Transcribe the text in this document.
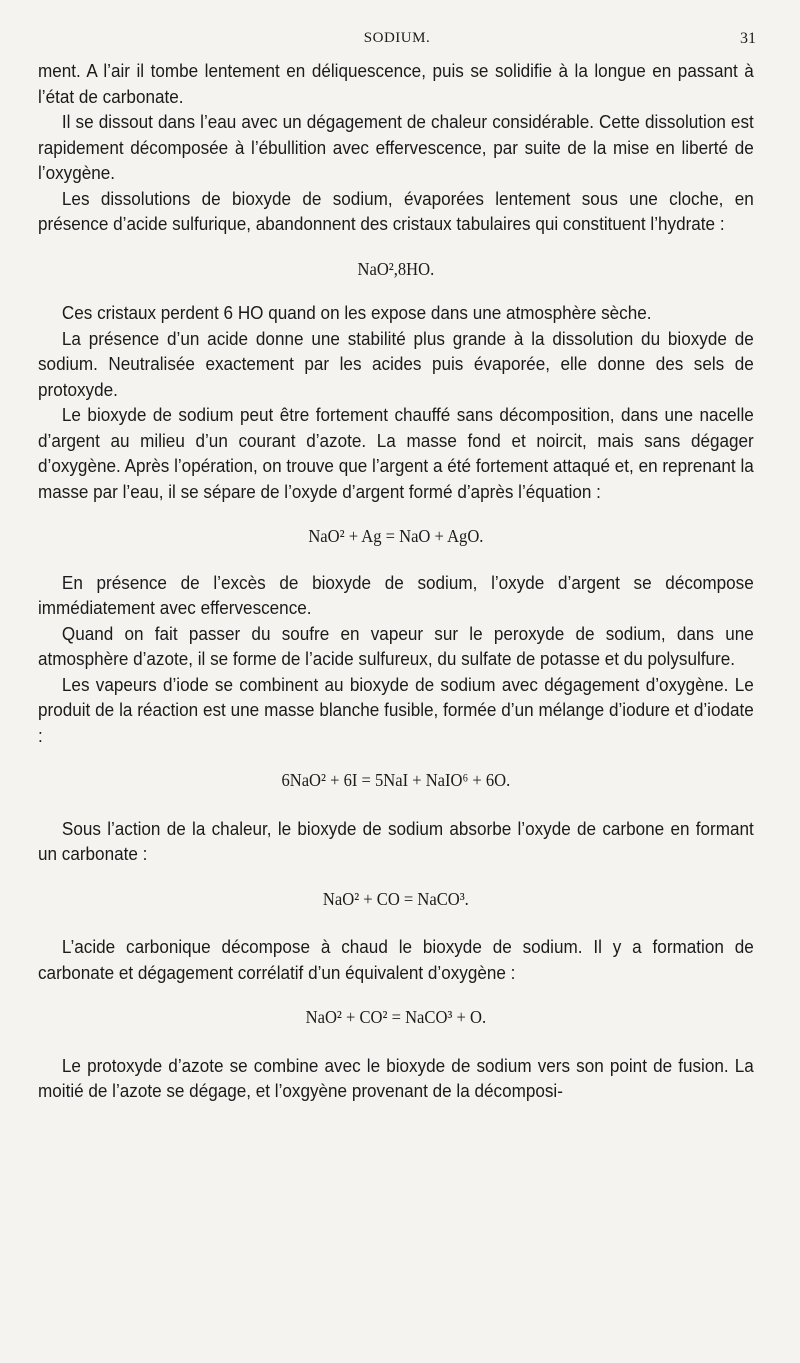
SODIUM.	31

ment. A l’air il tombe lentement en déliquescence, puis se solidifie à la longue en passant à l’état de carbonate.

Il se dissout dans l’eau avec un dégagement de chaleur considérable. Cette dissolution est rapidement décomposée à l’ébullition avec effervescence, par suite de la mise en liberté de l’oxygène.

Les dissolutions de bioxyde de sodium, évaporées lentement sous une cloche, en présence d’acide sulfurique, abandonnent des cristaux tabulaires qui constituent l’hydrate :

NaO²,8HO.

Ces cristaux perdent 6 HO quand on les expose dans une atmosphère sèche.

La présence d’un acide donne une stabilité plus grande à la dissolution du bioxyde de sodium. Neutralisée exactement par les acides puis évaporée, elle donne des sels de protoxyde.

Le bioxyde de sodium peut être fortement chauffé sans décomposition, dans une nacelle d’argent au milieu d’un courant d’azote. La masse fond et noircit, mais sans dégager d’oxygène. Après l’opération, on trouve que l’argent a été fortement attaqué et, en reprenant la masse par l’eau, il se sépare de l’oxyde d’argent formé d’après l’équation :

NaO² + Ag = NaO + AgO.

En présence de l’excès de bioxyde de sodium, l’oxyde d’argent se décompose immédiatement avec effervescence.

Quand on fait passer du soufre en vapeur sur le peroxyde de sodium, dans une atmosphère d’azote, il se forme de l’acide sulfureux, du sulfate de potasse et du polysulfure.

Les vapeurs d’iode se combinent au bioxyde de sodium avec dégagement d’oxygène. Le produit de la réaction est une masse blanche fusible, formée d’un mélange d’iodure et d’iodate :

6NaO² + 6I = 5NaI + NaIO⁶ + 6O.

Sous l’action de la chaleur, le bioxyde de sodium absorbe l’oxyde de carbone en formant un carbonate :

NaO² + CO = NaCO³.

L’acide carbonique décompose à chaud le bioxyde de sodium. Il y a formation de carbonate et dégagement corrélatif d’un équivalent d’oxygène :

NaO² + CO² = NaCO³ + O.

Le protoxyde d’azote se combine avec le bioxyde de sodium vers son point de fusion. La moitié de l’azote se dégage, et l’oxgyène provenant de la décomposi-
